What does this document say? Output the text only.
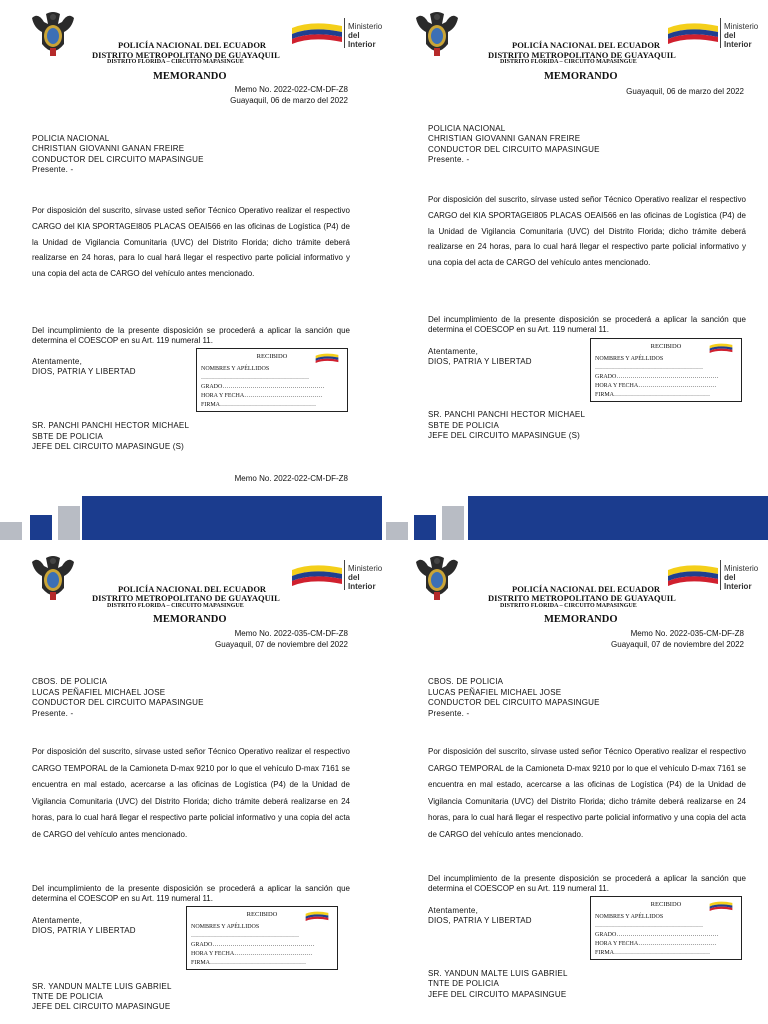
Ministerio
del Interior
POLICÍA NACIONAL DEL ECUADOR
DISTRITO METROPOLITANO DE GUAYAQUIL
DISTRITO FLORIDA – CIRCUITO MAPASINGUE
MEMORANDO
Memo No. 2022-022-CM-DF-Z8
Guayaquil, 06 de marzo del 2022
POLICIA NACIONAL
CHRISTIAN GIOVANNI GANAN FREIRE
CONDUCTOR DEL CIRCUITO MAPASINGUE
Presente. -
Por disposición del suscrito, sírvase usted señor Técnico Operativo realizar el respectivo CARGO del KIA SPORTAGEI805 PLACAS OEAI566 en las oficinas de Logística (P4) de la Unidad de Vigilancia Comunitaria (UVC) del Distrito Florida; dicho trámite deberá realizarse en 24 horas, para lo cual hará llegar el respectivo parte policial informativo y una copia del acta de CARGO del vehículo antes mencionado.
Del incumplimiento de la presente disposición se procederá a aplicar la sanción que determina el COESCOP en su Art. 119 numeral 11.
Atentamente,
DIOS, PATRIA Y LIBERTAD
RECIBIDO
NOMBRES Y APÉLLIDOS
………………………………………………
GRADO……………………………………………
HORA Y FECHA…………………………………
FIRMA…………………………………………
SR. PANCHI PANCHI HECTOR MICHAEL
SBTE DE POLICIA
JEFE DEL CIRCUITO MAPASINGUE (S)
Memo No. 2022-022-CM-DF-Z8
Ministerio
del Interior
POLICÍA NACIONAL DEL ECUADOR
DISTRITO METROPOLITANO DE GUAYAQUIL
DISTRITO FLORIDA – CIRCUITO MAPASINGUE
MEMORANDO
Guayaquil, 06 de marzo del 2022
POLICIA NACIONAL
CHRISTIAN GIOVANNI GANAN FREIRE
CONDUCTOR DEL CIRCUITO MAPASINGUE
Presente. -
Por disposición del suscrito, sírvase usted señor Técnico Operativo realizar el respectivo CARGO del KIA SPORTAGEI805 PLACAS OEAI566 en las oficinas de Logística (P4) de la Unidad de Vigilancia Comunitaria (UVC) del Distrito Florida; dicho trámite deberá realizarse en 24 horas, para lo cual hará llegar el respectivo parte policial informativo y una copia del acta de CARGO del vehículo antes mencionado.
Del incumplimiento de la presente disposición se procederá a aplicar la sanción que determina el COESCOP en su Art. 119 numeral 11.
Atentamente,
DIOS, PATRIA Y LIBERTAD
RECIBIDO
NOMBRES Y APÉLLIDOS
………………………………………………
GRADO……………………………………………
HORA Y FECHA…………………………………
FIRMA…………………………………………
SR. PANCHI PANCHI HECTOR MICHAEL
SBTE DE POLICIA
JEFE DEL CIRCUITO MAPASINGUE (S)
Ministerio
del Interior
POLICÍA NACIONAL DEL ECUADOR
DISTRITO METROPOLITANO DE GUAYAQUIL
DISTRITO FLORIDA – CIRCUITO MAPASINGUE
MEMORANDO
Memo No. 2022-035-CM-DF-Z8
Guayaquil, 07 de noviembre del 2022
CBOS. DE POLICIA
LUCAS PEÑAFIEL MICHAEL JOSE
CONDUCTOR DEL CIRCUITO MAPASINGUE
Presente. -
Por disposición del suscrito, sírvase usted señor Técnico Operativo realizar el respectivo CARGO TEMPORAL de la Camioneta D-max 9210 por lo que el vehículo D-max 7161 se encuentra en mal estado, acercarse a las oficinas de Logística (P4) de la Unidad de Vigilancia Comunitaria (UVC) del Distrito Florida; dicho trámite deberá realizarse en 24 horas, para lo cual hará llegar el respectivo parte policial informativo y una copia del acta de CARGO del vehículo antes mencionado.
Del incumplimiento de la presente disposición se procederá a aplicar la sanción que determina el COESCOP en su Art. 119 numeral 11.
Atentamente,
DIOS, PATRIA Y LIBERTAD
RECIBIDO
NOMBRES Y APÉLLIDOS
………………………………………………
GRADO……………………………………………
HORA Y FECHA…………………………………
FIRMA…………………………………………
SR. YANDUN MALTE LUIS GABRIEL
TNTE DE POLICIA
JEFE DEL CIRCUITO MAPASINGUE
Ministerio
del Interior
POLICÍA NACIONAL DEL ECUADOR
DISTRITO METROPOLITANO DE GUAYAQUIL
DISTRITO FLORIDA – CIRCUITO MAPASINGUE
MEMORANDO
Memo No. 2022-035-CM-DF-Z8
Guayaquil, 07 de noviembre del 2022
CBOS. DE POLICIA
LUCAS PEÑAFIEL MICHAEL JOSE
CONDUCTOR DEL CIRCUITO MAPASINGUE
Presente. -
Por disposición del suscrito, sírvase usted señor Técnico Operativo realizar el respectivo CARGO TEMPORAL de la Camioneta D-max 9210 por lo que el vehículo D-max 7161 se encuentra en mal estado, acercarse a las oficinas de Logística (P4) de la Unidad de Vigilancia Comunitaria (UVC) del Distrito Florida; dicho trámite deberá realizarse en 24 horas, para lo cual hará llegar el respectivo parte policial informativo y una copia del acta de CARGO del vehículo antes mencionado.
Del incumplimiento de la presente disposición se procederá a aplicar la sanción que determina el COESCOP en su Art. 119 numeral 11.
Atentamente,
DIOS, PATRIA Y LIBERTAD
RECIBIDO
NOMBRES Y APÉLLIDOS
………………………………………………
GRADO……………………………………………
HORA Y FECHA…………………………………
FIRMA…………………………………………
SR. YANDUN MALTE LUIS GABRIEL
TNTE DE POLICIA
JEFE DEL CIRCUITO MAPASINGUE
